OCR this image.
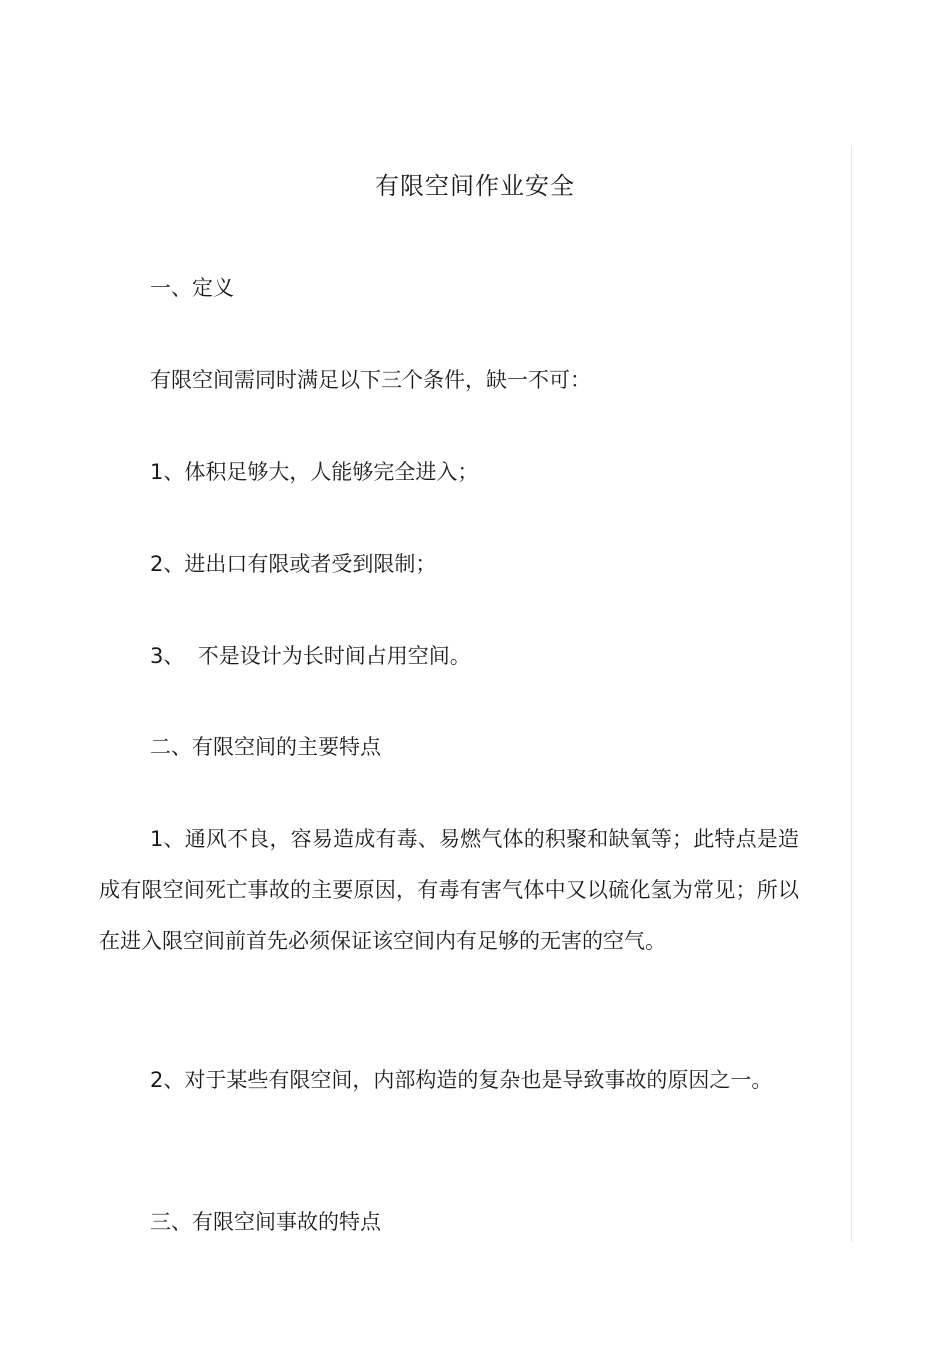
有限空间作业安全

一、定义

有限空间需同时满足以下三个条件，缺一不可：

1、体积足够大，人能够完全进入；

2、进出口有限或者受到限制；

3、  不是设计为长时间占用空间。

二、有限空间的主要特点

1、通风不良，容易造成有毒、易燃气体的积聚和缺氧等；此特点是造成有限空间死亡事故的主要原因，有毒有害气体中又以硫化氢为常见；所以在进入限空间前首先必须保证该空间内有足够的无害的空气。

2、对于某些有限空间，内部构造的复杂也是导致事故的原因之一。

三、有限空间事故的特点
